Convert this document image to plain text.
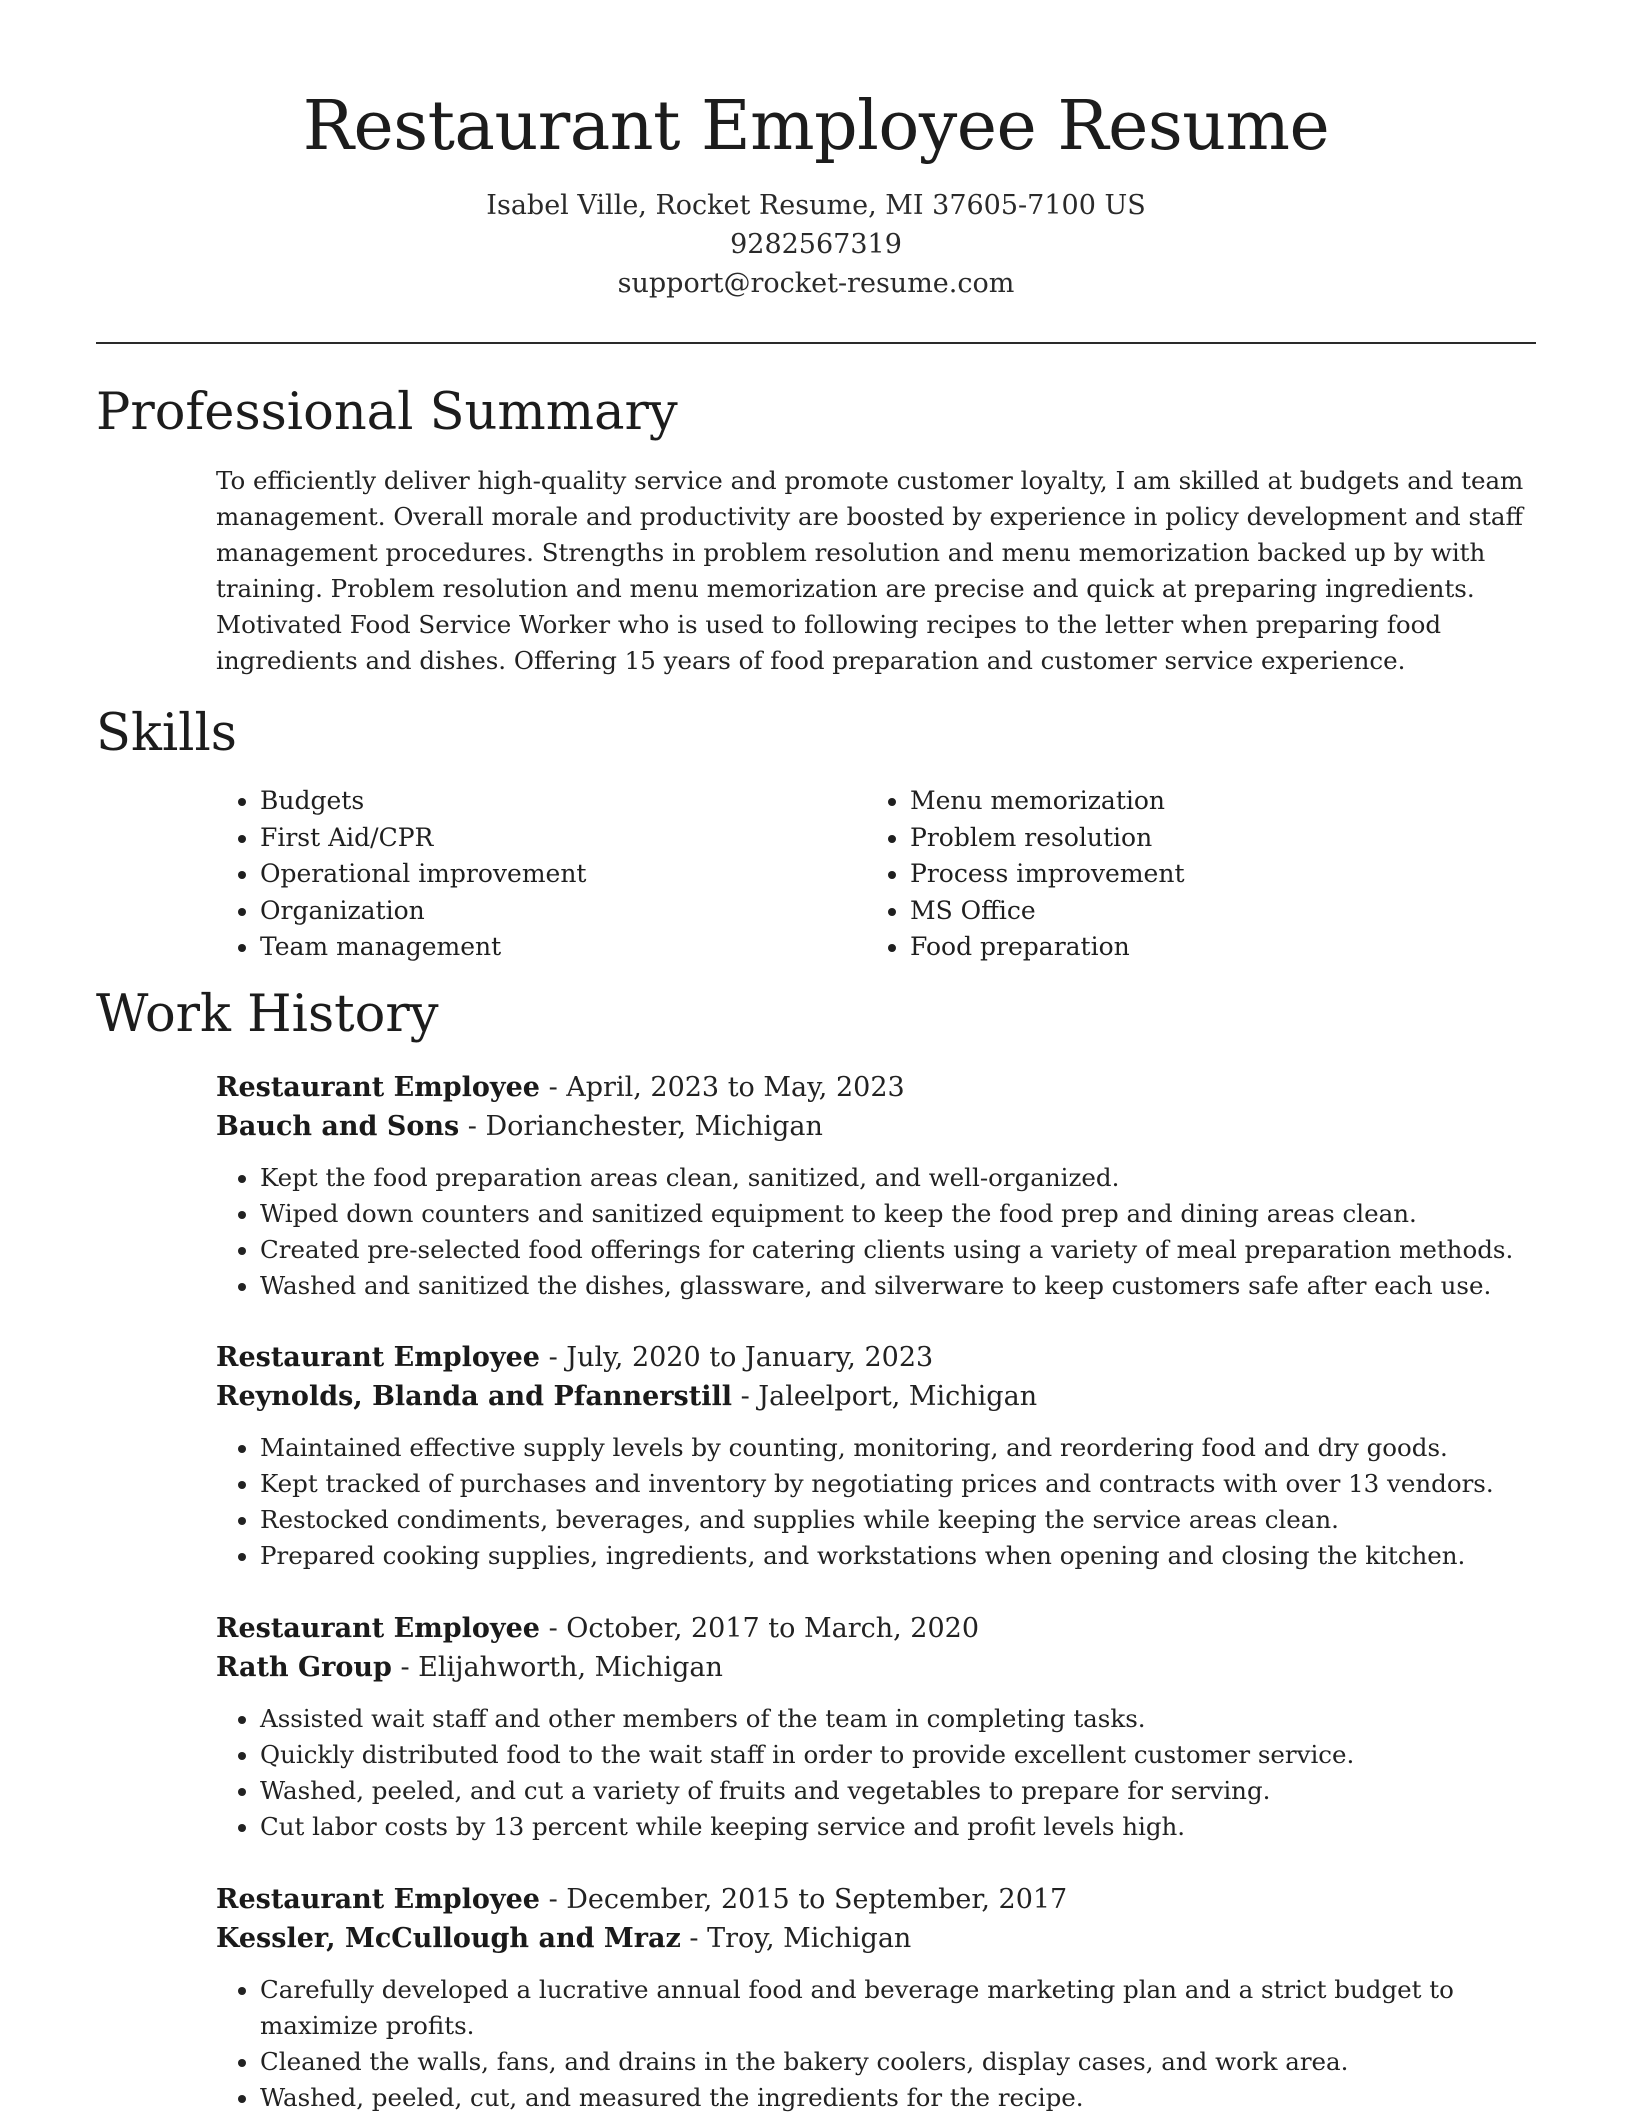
Restaurant Employee Resume
Isabel Ville, Rocket Resume, MI 37605-7100 US
9282567319
support@rocket-resume.com
Professional Summary

To efficiently deliver high-quality service and promote customer loyalty, I am skilled at budgets and team management. Overall morale and productivity are boosted by experience in policy development and staff management procedures. Strengths in problem resolution and menu memorization backed up by with training. Problem resolution and menu memorization are precise and quick at preparing ingredients. Motivated Food Service Worker who is used to following recipes to the letter when preparing food ingredients and dishes. Offering 15 years of food preparation and customer service experience.

Skills
• Budgets
• First Aid/CPR
• Operational improvement
• Organization
• Team management
• Menu memorization
• Problem resolution
• Process improvement
• MS Office
• Food preparation
Work History
Restaurant Employee - April, 2023 to May, 2023
Bauch and Sons - Dorianchester, Michigan
• Kept the food preparation areas clean, sanitized, and well-organized.
• Wiped down counters and sanitized equipment to keep the food prep and dining areas clean.
• Created pre-selected food offerings for catering clients using a variety of meal preparation methods.
• Washed and sanitized the dishes, glassware, and silverware to keep customers safe after each use.
Restaurant Employee - July, 2020 to January, 2023
Reynolds, Blanda and Pfannerstill - Jaleelport, Michigan
• Maintained effective supply levels by counting, monitoring, and reordering food and dry goods.
• Kept tracked of purchases and inventory by negotiating prices and contracts with over 13 vendors.
• Restocked condiments, beverages, and supplies while keeping the service areas clean.
• Prepared cooking supplies, ingredients, and workstations when opening and closing the kitchen.
Restaurant Employee - October, 2017 to March, 2020
Rath Group - Elijahworth, Michigan
• Assisted wait staff and other members of the team in completing tasks.
• Quickly distributed food to the wait staff in order to provide excellent customer service.
• Washed, peeled, and cut a variety of fruits and vegetables to prepare for serving.
• Cut labor costs by 13 percent while keeping service and profit levels high.
Restaurant Employee - December, 2015 to September, 2017
Kessler, McCullough and Mraz - Troy, Michigan
• Carefully developed a lucrative annual food and beverage marketing plan and a strict budget to maximize profits.
• Cleaned the walls, fans, and drains in the bakery coolers, display cases, and work area.
• Washed, peeled, cut, and measured the ingredients for the recipe.
